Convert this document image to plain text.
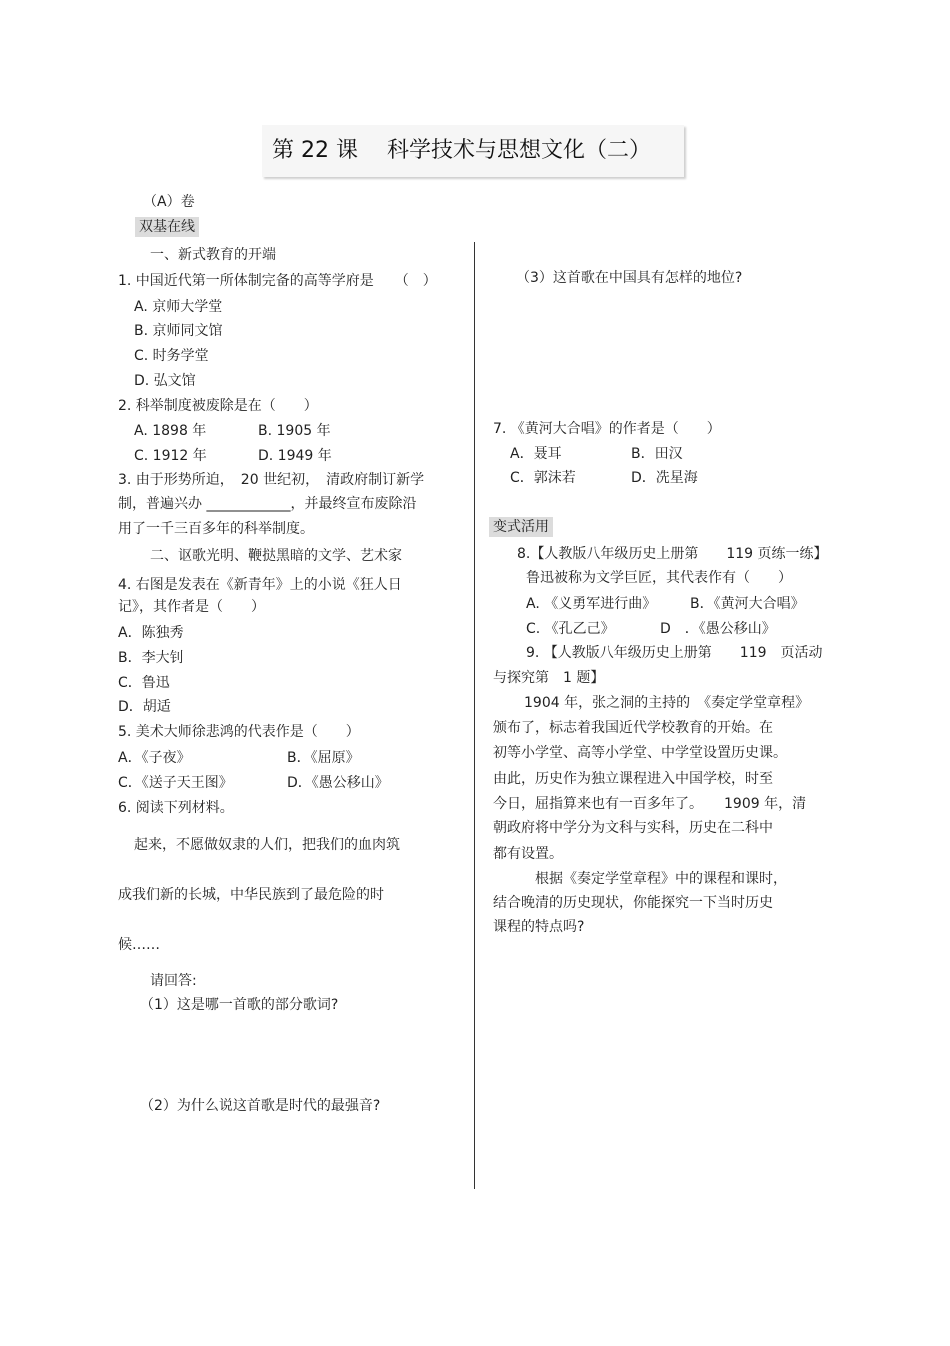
第 22 课　 科学技术与思想文化（二）
（A）卷
双基在线
一、新式教育的开端
1. 中国近代第一所体制完备的高等学府是　　（　）
A. 京师大学堂
B. 京师同文馆
C. 时务学堂
D. 弘文馆
2. 科举制度被废除是在（　　）
A. 1898 年	B. 1905 年
C. 1912 年	D. 1949 年
3. 由于形势所迫，　20 世纪初，　清政府制订新学
制，普遍兴办 ____________，并最终宣布废除沿
用了一千三百多年的科举制度。
二、讴歌光明、鞭挞黑暗的文学、艺术家
4. 右图是发表在《新青年》上的小说《狂人日
记》，其作者是（　　）
A．陈独秀
B．李大钊
C．鲁迅
D．胡适
5. 美术大师徐悲鸿的代表作是（　　）
A．《子夜》	B．《屈原》
C．《送子天王图》	D．《愚公移山》
6. 阅读下列材料。
起来，不愿做奴隶的人们，把我们的血肉筑
成我们新的长城，中华民族到了最危险的时
候……
请回答:
（1）这是哪一首歌的部分歌词?
（2）为什么说这首歌是时代的最强音?
（3）这首歌在中国具有怎样的地位?
7. 《黄河大合唱》的作者是（　　）
A．聂耳	B．田汉
C．郭沫若	D．冼星海
变式活用
8.【人教版八年级历史上册第　　119 页练一练】
鲁迅被称为文学巨匠，其代表作有（　　）
A. 《义勇军进行曲》 B．《黄河大合唱》
C. 《孔乙己》	D　．《愚公移山》
9. 【人教版八年级历史上册第　　119　页活动
与探究第　1 题】
1904 年，张之洞的主持的　《奏定学堂章程》
颁布了，标志着我国近代学校教育的开始。在
初等小学堂、高等小学堂、中学堂设置历史课。
由此，历史作为独立课程进入中国学校，时至
今日，屈指算来也有一百多年了。　　1909 年，清
朝政府将中学分为文科与实科，历史在二科中
都有设置。
根据《奏定学堂章程》中的课程和课时，
结合晚清的历史现状，你能探究一下当时历史
课程的特点吗?
